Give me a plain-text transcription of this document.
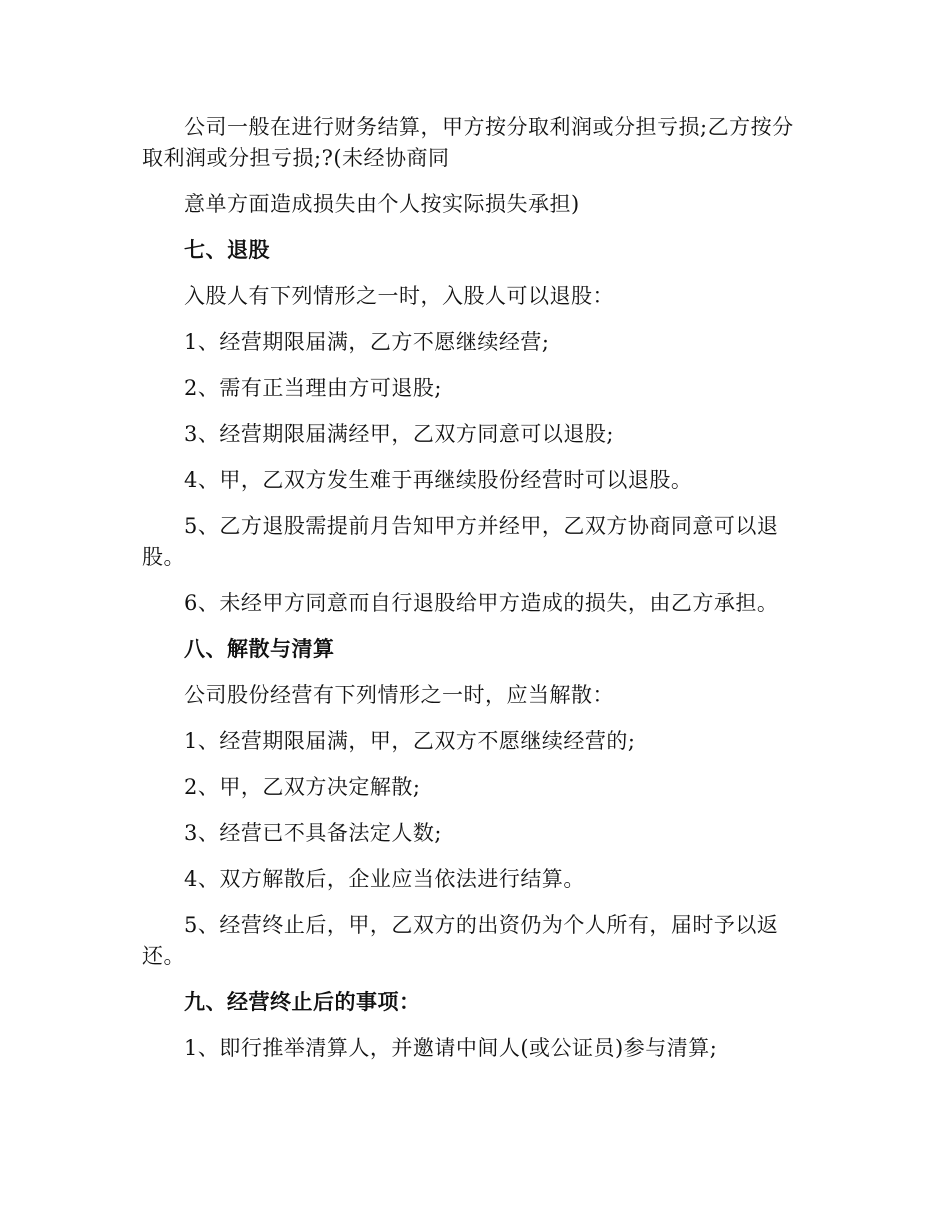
公司一般在进行财务结算，甲方按分取利润或分担亏损;乙方按分取利润或分担亏损;?(未经协商同

意单方面造成损失由个人按实际损失承担)

七、退股

入股人有下列情形之一时，入股人可以退股：

1、经营期限届满，乙方不愿继续经营;

2、需有正当理由方可退股;

3、经营期限届满经甲，乙双方同意可以退股;

4、甲，乙双方发生难于再继续股份经营时可以退股。

5、乙方退股需提前月告知甲方并经甲，乙双方协商同意可以退股。

6、未经甲方同意而自行退股给甲方造成的损失，由乙方承担。

八、解散与清算

公司股份经营有下列情形之一时，应当解散：

1、经营期限届满，甲，乙双方不愿继续经营的;

2、甲，乙双方决定解散;

3、经营已不具备法定人数;

4、双方解散后，企业应当依法进行结算。

5、经营终止后，甲，乙双方的出资仍为个人所有，届时予以返还。

九、经营终止后的事项：

1、即行推举清算人，并邀请中间人(或公证员)参与清算;
